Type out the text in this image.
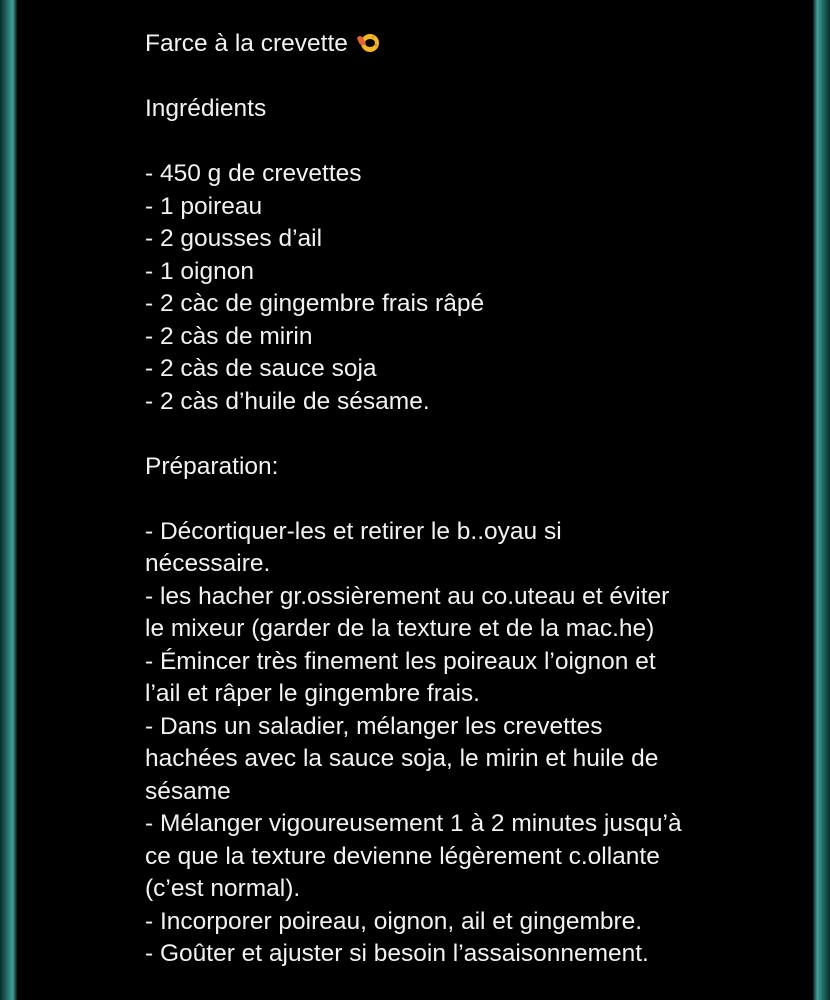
Farce à la crevette
Ingrédients
- 450 g de crevettes
- 1 poireau
- 2 gousses d’ail
- 1 oignon
- 2 càc de gingembre frais râpé
- 2 càs de mirin
- 2 càs de sauce soja
- 2 càs d’huile de sésame.
Préparation:
- Décortiquer-les et retirer le b..oyau si
nécessaire.
- les hacher gr.ossièrement au co.uteau et éviter
le mixeur (garder de la texture et de la mac.he)
- Émincer très finement les poireaux l’oignon et
l’ail et râper le gingembre frais.
- Dans un saladier, mélanger les crevettes
hachées avec la sauce soja, le mirin et huile de
sésame
- Mélanger vigoureusement 1 à 2 minutes jusqu’à
ce que la texture devienne légèrement c.ollante
(c’est normal).
- Incorporer poireau, oignon, ail et gingembre.
- Goûter et ajuster si besoin l’assaisonnement.
